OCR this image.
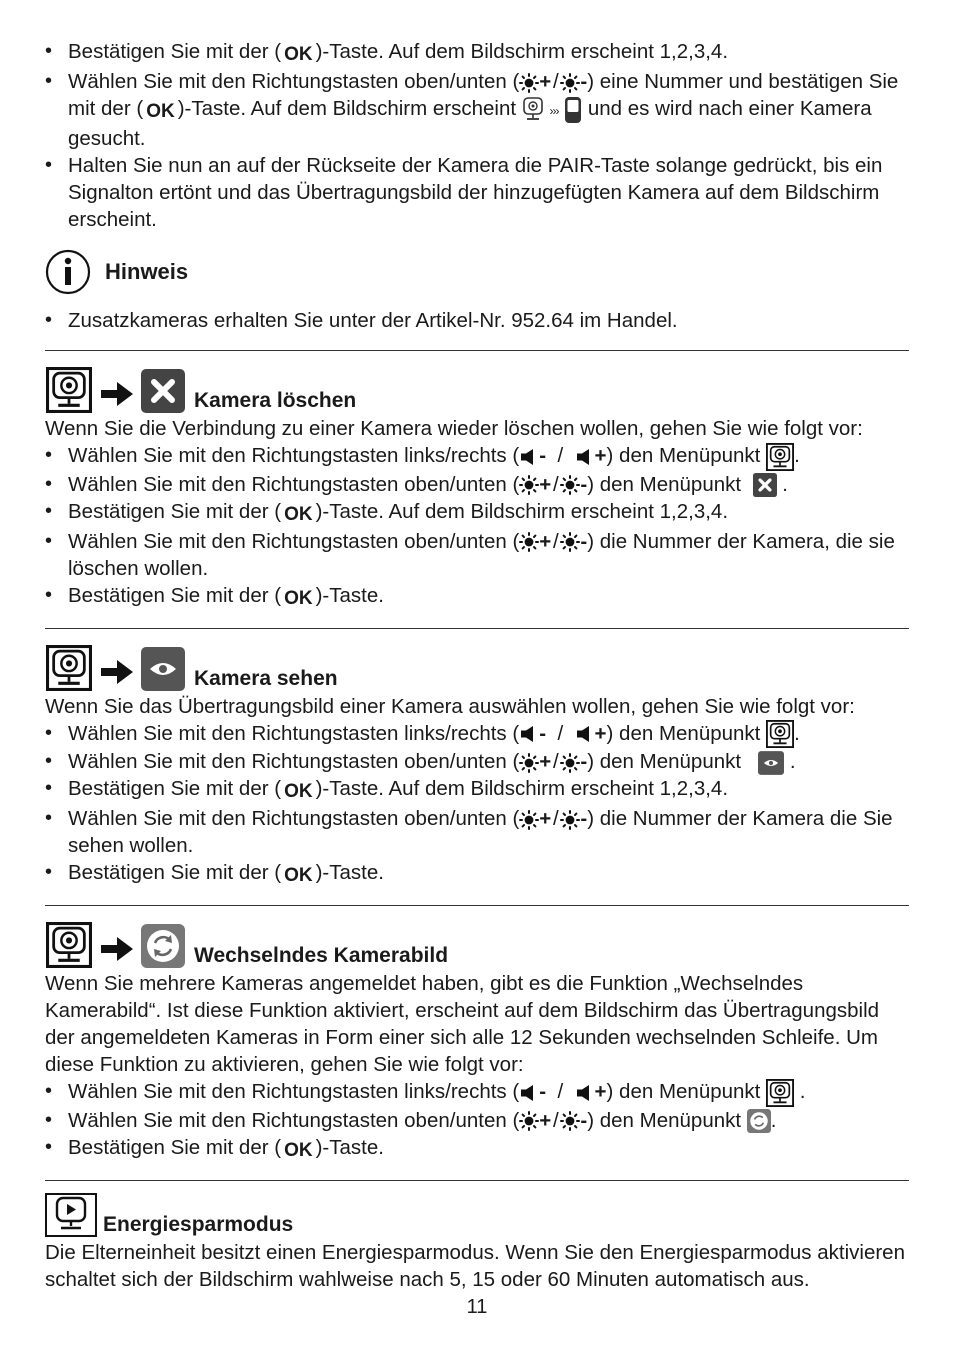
• Bestätigen Sie mit der ( OK )-Taste. Auf dem Bildschirm erscheint 1,2,3,4.
• Wählen Sie mit den Richtungstasten oben/unten ( + /  -) eine Nummer und bestätigen Sie mit der ( OK )-Taste. Auf dem Bildschirm erscheint	››› und es wird nach einer Kamera gesucht.
• Halten Sie nun an auf der Rückseite der Kamera die PAIR-Taste solange gedrückt, bis ein Signalton ertönt und das Übertragungsbild der hinzugefügten Kamera auf dem Bildschirm erscheint.
Hinweis
• Zusatzkameras erhalten Sie unter der Artikel-Nr. 952.64 im Handel.
Kamera löschen

Wenn Sie die Verbindung zu einer Kamera wieder löschen wollen, gehen Sie wie folgt vor:

• Wählen Sie mit den Richtungstasten links/rechts ( - / +) den Menüpunkt .
• Wählen Sie mit den Richtungstasten oben/unten ( + /  -) den Menüpunkt .
• Bestätigen Sie mit der ( OK )-Taste. Auf dem Bildschirm erscheint 1,2,3,4.
• Wählen Sie mit den Richtungstasten oben/unten ( + /  -) die Nummer der Kamera, die sie löschen wollen.
• Bestätigen Sie mit der ( OK )-Taste.
Kamera sehen

Wenn Sie das Übertragungsbild einer Kamera auswählen wollen, gehen Sie wie folgt vor:

• Wählen Sie mit den Richtungstasten links/rechts ( - / +) den Menüpunkt .
• Wählen Sie mit den Richtungstasten oben/unten ( + /  -) den Menüpunkt .
• Bestätigen Sie mit der ( OK )-Taste. Auf dem Bildschirm erscheint 1,2,3,4.
• Wählen Sie mit den Richtungstasten oben/unten ( + /  -) die Nummer der Kamera die Sie sehen wollen.
• Bestätigen Sie mit der ( OK )-Taste.
Wechselndes Kamerabild

Wenn Sie mehrere Kameras angemeldet haben, gibt es die Funktion „Wechselndes Kamerabild“. Ist diese Funktion aktiviert, erscheint auf dem Bildschirm das Übertragungsbild der angemeldeten Kameras in Form einer sich alle 12 Sekunden wechselnden Schleife. Um diese Funktion zu aktivieren, gehen Sie wie folgt vor:

• Wählen Sie mit den Richtungstasten links/rechts ( - / +) den Menüpunkt .
• Wählen Sie mit den Richtungstasten oben/unten ( + /  -) den Menüpunkt .
• Bestätigen Sie mit der ( OK )-Taste.
Energiesparmodus

Die Elterneinheit besitzt einen Energiesparmodus. Wenn Sie den Energiesparmodus aktivieren schaltet sich der Bildschirm wahlweise nach 5, 15 oder 60 Minuten automatisch aus.

11
